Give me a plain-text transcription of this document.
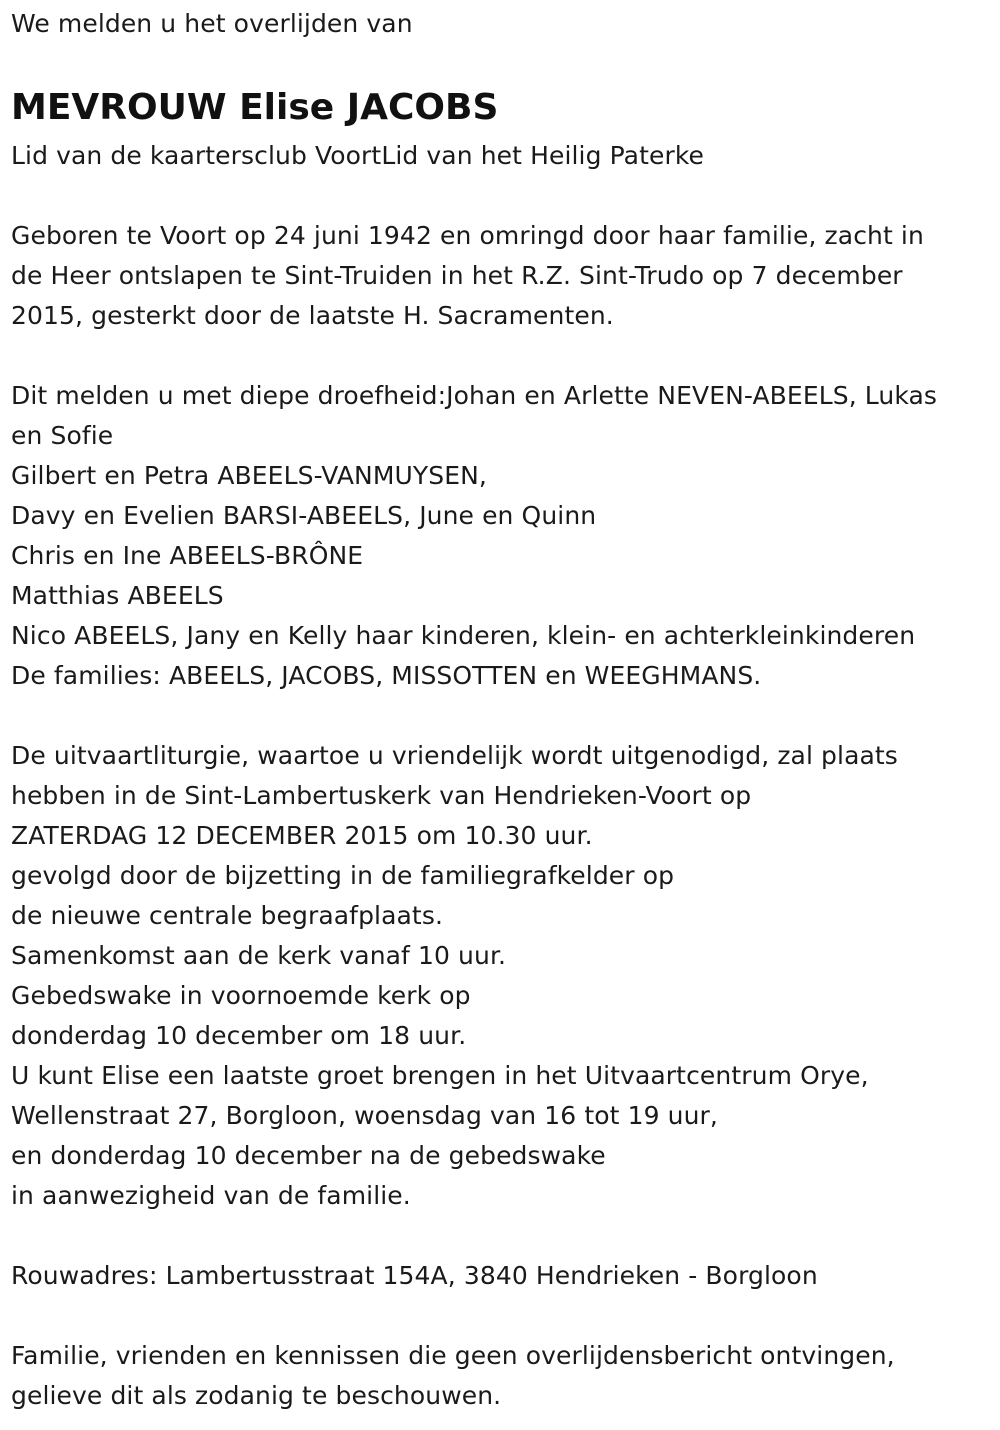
We melden u het overlijden van
MEVROUW Elise JACOBS
Lid van de kaartersclub VoortLid van het Heilig Paterke
Geboren te Voort op 24 juni 1942 en omringd door haar familie, zacht in
de Heer ontslapen te Sint-Truiden in het R.Z. Sint-Trudo op 7 december
2015, gesterkt door de laatste H. Sacramenten.
Dit melden u met diepe droefheid:Johan en Arlette NEVEN-ABEELS, Lukas
en Sofie
Gilbert en Petra ABEELS-VANMUYSEN,
Davy en Evelien BARSI-ABEELS, June en Quinn
Chris en Ine ABEELS-BRÔNE
Matthias ABEELS
Nico ABEELS, Jany en Kelly haar kinderen, klein- en achterkleinkinderen
De families: ABEELS, JACOBS, MISSOTTEN en WEEGHMANS.
De uitvaartliturgie, waartoe u vriendelijk wordt uitgenodigd, zal plaats
hebben in de Sint-Lambertuskerk van Hendrieken-Voort op
ZATERDAG 12 DECEMBER 2015 om 10.30 uur.
gevolgd door de bijzetting in de familiegrafkelder op
de nieuwe centrale begraafplaats.
Samenkomst aan de kerk vanaf 10 uur.
Gebedswake in voornoemde kerk op
donderdag 10 december om 18 uur.
U kunt Elise een laatste groet brengen in het Uitvaartcentrum Orye,
Wellenstraat 27, Borgloon, woensdag van 16 tot 19 uur,
en donderdag 10 december na de gebedswake
in aanwezigheid van de familie.
Rouwadres: Lambertusstraat 154A, 3840 Hendrieken - Borgloon
Familie, vrienden en kennissen die geen overlijdensbericht ontvingen,
gelieve dit als zodanig te beschouwen.
